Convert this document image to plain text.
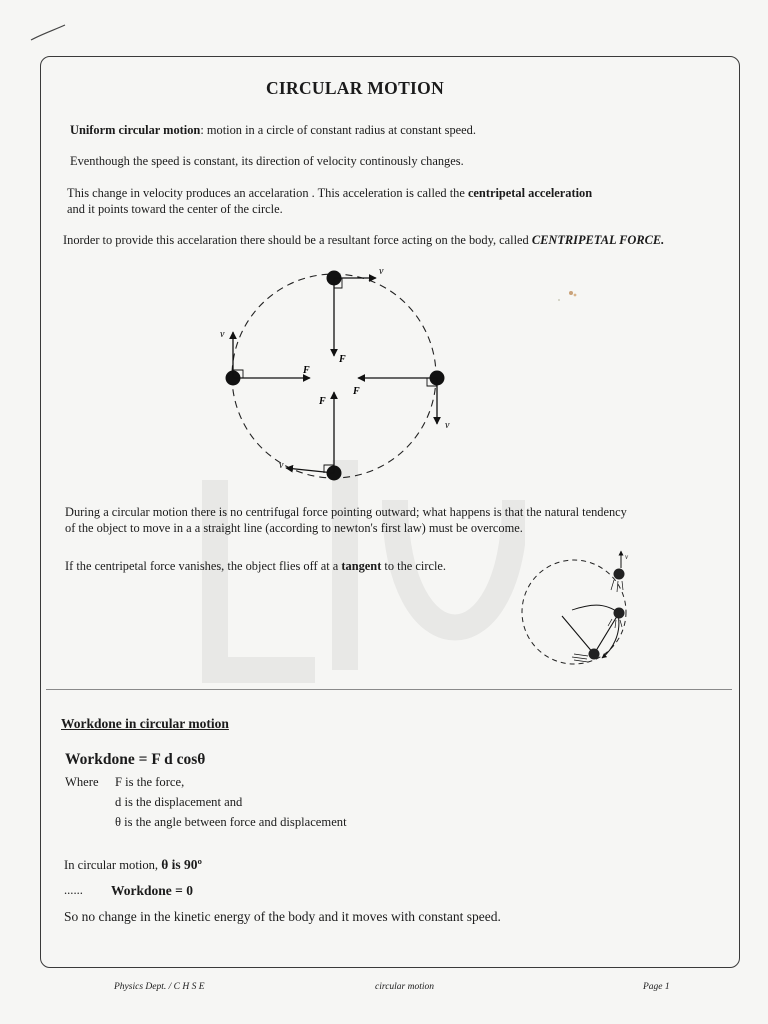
CIRCULAR MOTION
Uniform circular motion: motion in a circle of constant radius at constant speed.
Eventhough the speed is constant, its direction of velocity continously changes.
This change in velocity produces an accelaration . This acceleration is called the centripetal acceleration
and it points toward the center of the circle.
Inorder to provide this accelaration there should be a resultant force acting on the body, called CENTRIPETAL FORCE.
v
v
v
v
F
F
F
F
During a circular motion there is no centrifugal force pointing outward; what happens is that the natural tendency
of the object to move in a a straight line (according to newton's first law) must be overcome.
If the centripetal force vanishes, the object flies off at a tangent to the circle.
v
Workdone in circular motion
Workdone = F d cosθ
Where F is the force,
d is the displacement and
θ is the angle between force and displacement
In circular motion, θ is 90º
...... Workdone = 0
So no change in the kinetic energy of the body and it moves with constant speed.
Physics Dept. / C H S E	circular motion	Page 1
